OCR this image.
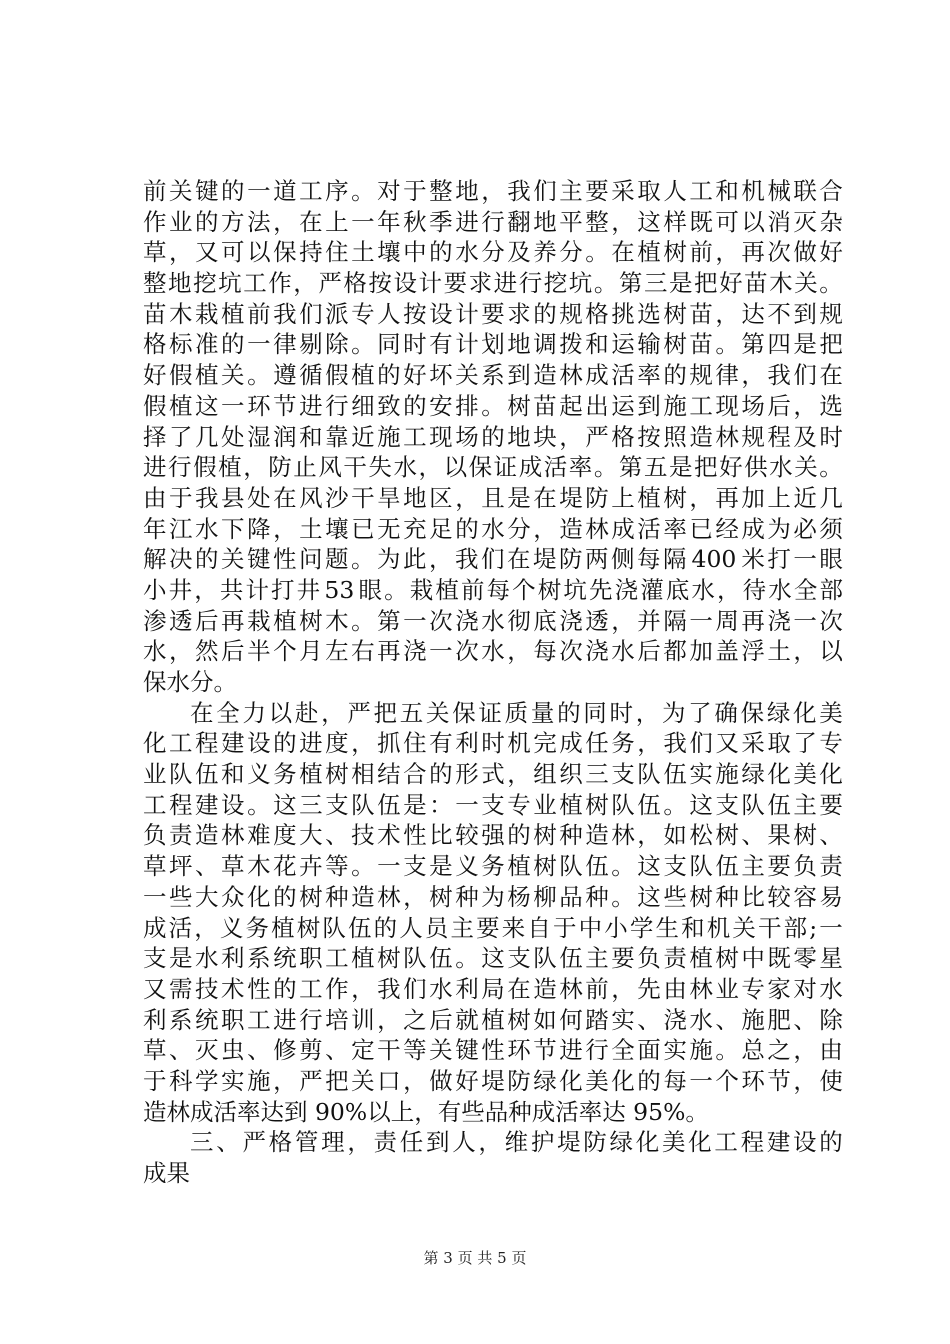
前 关 键 的 一 道 工 序 。 对 于 整 地 ， 我 们 主 要 采 取 人 工 和 机 械 联 合
作 业 的 方 法 ， 在 上 一 年 秋 季 进 行 翻 地 平 整 ， 这 样 既 可 以 消 灭 杂
草 ， 又 可 以 保 持 住 土 壤 中 的 水 分 及 养 分 。 在 植 树 前 ， 再 次 做 好
整 地 挖 坑 工 作 ， 严 格 按 设 计 要 求 进 行 挖 坑 。 第 三 是 把 好 苗 木 关 。
苗 木 栽 植 前 我 们 派 专 人 按 设 计 要 求 的 规 格 挑 选 树 苗 ， 达 不 到 规
格 标 准 的 一 律 剔 除 。 同 时 有 计 划 地 调 拨 和 运 输 树 苗 。 第 四 是 把
好 假 植 关 。 遵 循 假 植 的 好 坏 关 系 到 造 林 成 活 率 的 规 律 ， 我 们 在
假 植 这 一 环 节 进 行 细 致 的 安 排 。 树 苗 起 出 运 到 施 工 现 场 后 ， 选
择 了 几 处 湿 润 和 靠 近 施 工 现 场 的 地 块 ， 严 格 按 照 造 林 规 程 及 时
进 行 假 植 ， 防 止 风 干 失 水 ， 以 保 证 成 活 率 。 第 五 是 把 好 供 水 关 。
由 于 我 县 处 在 风 沙 干 旱 地 区 ， 且 是 在 堤 防 上 植 树 ， 再 加 上 近 几
年 江 水 下 降 ， 土 壤 已 无 充 足 的 水 分 ， 造 林 成 活 率 已 经 成 为 必 须
解 决 的 关 键 性 问 题 。 为 此 ， 我 们 在 堤 防 两 侧 每 隔 400 米 打 一 眼
小 井 ， 共 计 打 井 53 眼 。 栽 植 前 每 个 树 坑 先 浇 灌 底 水 ， 待 水 全 部
渗 透 后 再 栽 植 树 木 。 第 一 次 浇 水 彻 底 浇 透 ， 并 隔 一 周 再 浇 一 次
水 ， 然 后 半 个 月 左 右 再 浇 一 次 水 ， 每 次 浇 水 后 都 加 盖 浮 土 ， 以
保水分。
在 全 力 以 赴 ， 严 把 五 关 保 证 质 量 的 同 时 ， 为 了 确 保 绿 化 美
化 工 程 建 设 的 进 度 ， 抓 住 有 利 时 机 完 成 任 务 ， 我 们 又 采 取 了 专
业 队 伍 和 义 务 植 树 相 结 合 的 形 式 ， 组 织 三 支 队 伍 实 施 绿 化 美 化
工 程 建 设 。 这 三 支 队 伍 是 ： 一 支 专 业 植 树 队 伍 。 这 支 队 伍 主 要
负 责 造 林 难 度 大 、 技 术 性 比 较 强 的 树 种 造 林 ， 如 松 树 、 果 树 、
草 坪 、 草 木 花 卉 等 。 一 支 是 义 务 植 树 队 伍 。 这 支 队 伍 主 要 负 责
一 些 大 众 化 的 树 种 造 林 ， 树 种 为 杨 柳 品 种 。 这 些 树 种 比 较 容 易
成 活 ， 义 务 植 树 队 伍 的 人 员 主 要 来 自 于 中 小 学 生 和 机 关 干 部 ; 一
支 是 水 利 系 统 职 工 植 树 队 伍 。 这 支 队 伍 主 要 负 责 植 树 中 既 零 星
又 需 技 术 性 的 工 作 ， 我 们 水 利 局 在 造 林 前 ， 先 由 林 业 专 家 对 水
利 系 统 职 工 进 行 培 训 ， 之 后 就 植 树 如 何 踏 实 、 浇 水 、 施 肥 、 除
草 、 灭 虫 、 修 剪 、 定 干 等 关 键 性 环 节 进 行 全 面 实 施 。 总 之 ， 由
于 科 学 实 施 ， 严 把 关 口 ， 做 好 堤 防 绿 化 美 化 的 每 一 个 环 节 ， 使
造林成活率达到 90%以上，有些品种成活率达 95%。
三 、 严 格 管 理 ， 责 任 到 人 ， 维 护 堤 防 绿 化 美 化 工 程 建 设 的
成果
第 3 页 共 5 页
